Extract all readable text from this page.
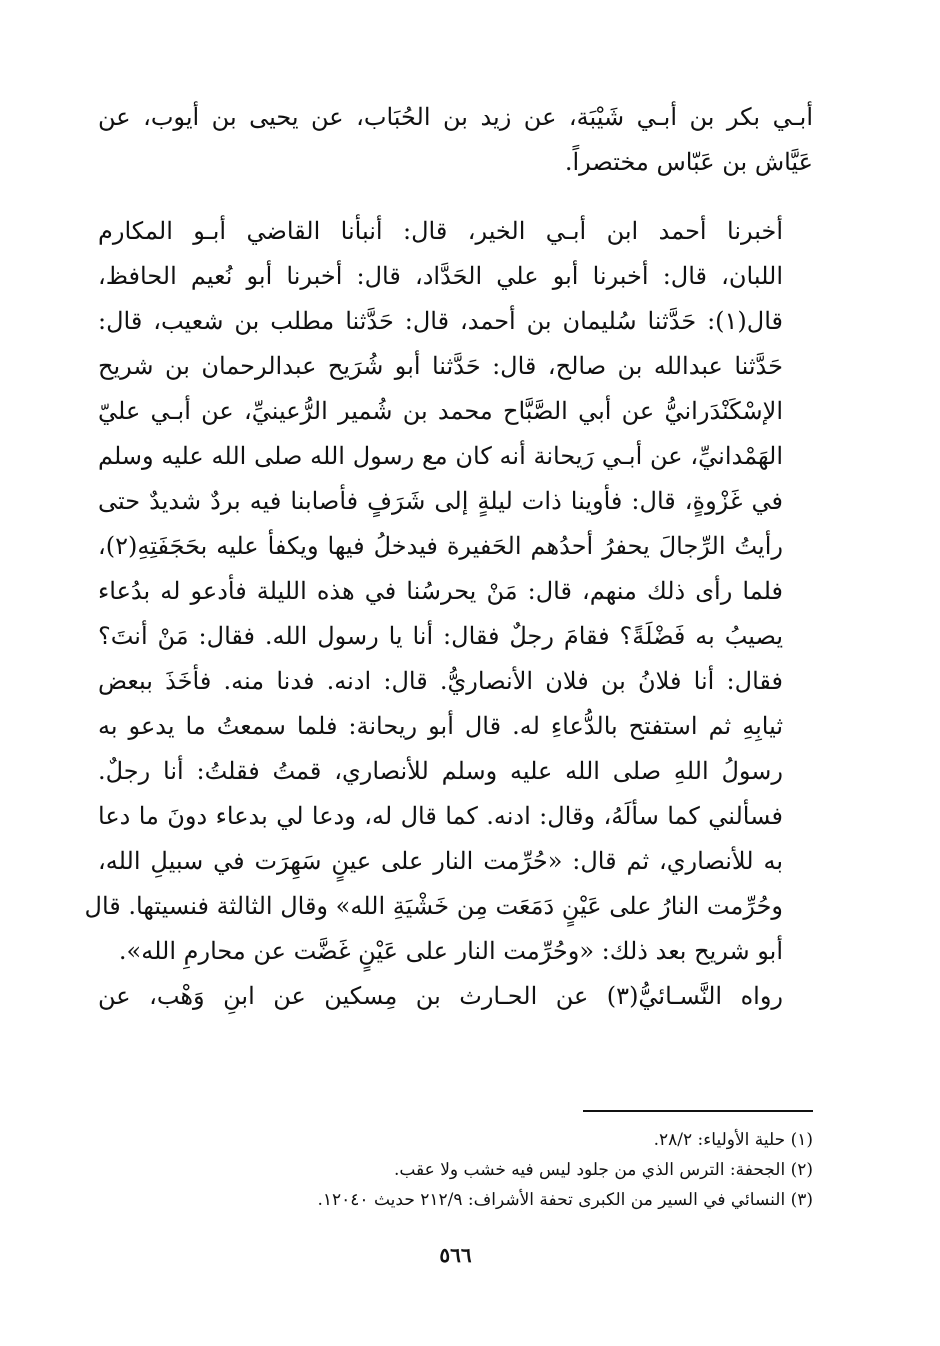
أبـي بكر بن أبـي شَيْبَة، عن زيد بن الحُبَاب، عن يحيى بن أيوب، عن
عَيَّاش بن عَبّاس مختصراً.

أخبرنا أحمد ابن أبـي الخير، قال: أنبأنا القاضي أبـو المكارم
اللبان، قال: أخبرنا أبو علي الحَدَّاد، قال: أخبرنا أبو نُعيم الحافظ،
قال(١): حَدَّثنا سُليمان بن أحمد، قال: حَدَّثنا مطلب بن شعيب، قال:
حَدَّثنا عبدالله بن صالح، قال: حَدَّثنا أبو شُرَيح عبدالرحمان بن شريح
الإسْكَنْدَرانيُّ عن أبي الصَّبَّاح محمد بن شُمير الرُّعينيِّ، عن أبـي عليّ
الهَمْدانيِّ، عن أبـي رَيحانة أنه كان مع رسول الله صلى الله عليه وسلم
في غَزْوةٍ، قال: فأوينا ذات ليلةٍ إلى شَرَفٍ فأصابنا فيه بردٌ شديدٌ حتى
رأيتُ الرِّجالَ يحفرُ أحدُهم الحَفيرة فيدخلُ فيها ويكفأ عليه بحَجَفَتِهِ(٢)،
فلما رأى ذلك منهم، قال: مَنْ يحرسُنا في هذه الليلة فأدعو له بدُعاء
يصيبُ به فَضْلَةً؟ فقامَ رجلٌ فقال: أنا يا رسول الله. فقال: مَنْ أنتَ؟
فقال: أنا فلانُ بن فلان الأنصاريُّ. قال: ادنه. فدنا منه. فأخَذَ ببعض
ثيابِهِ ثم استفتح بالدُّعاءِ له. قال أبو ريحانة: فلما سمعتُ ما يدعو به
رسولُ اللهِ صلى الله عليه وسلم للأنصاري، قمتُ فقلتُ: أنا رجلٌ.
فسألني كما سألَهُ، وقال: ادنه. كما قال له، ودعا لي بدعاء دونَ ما دعا
به للأنصاري، ثم قال: «حُرِّمت النار على عينٍ سَهِرَت في سبيلِ الله،
وحُرِّمت النارُ على عَيْنٍ دَمَعَت مِن خَشْيَةِ الله» وقال الثالثة فنسيتها. قال
أبو شريح بعد ذلك: «وحُرِّمت النار على عَيْنٍ غَضَّت عن محارمِ الله».

رواه النَّسـائيُّ(٣) عن الحـارث بن مِسكين عن ابنِ وَهْب، عن

(١) حلية الأولياء: ٢٨/٢.
(٢) الجحفة: الترس الذي من جلود ليس فيه خشب ولا عقب.
(٣) النسائي في السير من الكبرى تحفة الأشراف: ٢١٢/٩ حديث ١٢٠٤٠.
٥٦٦
